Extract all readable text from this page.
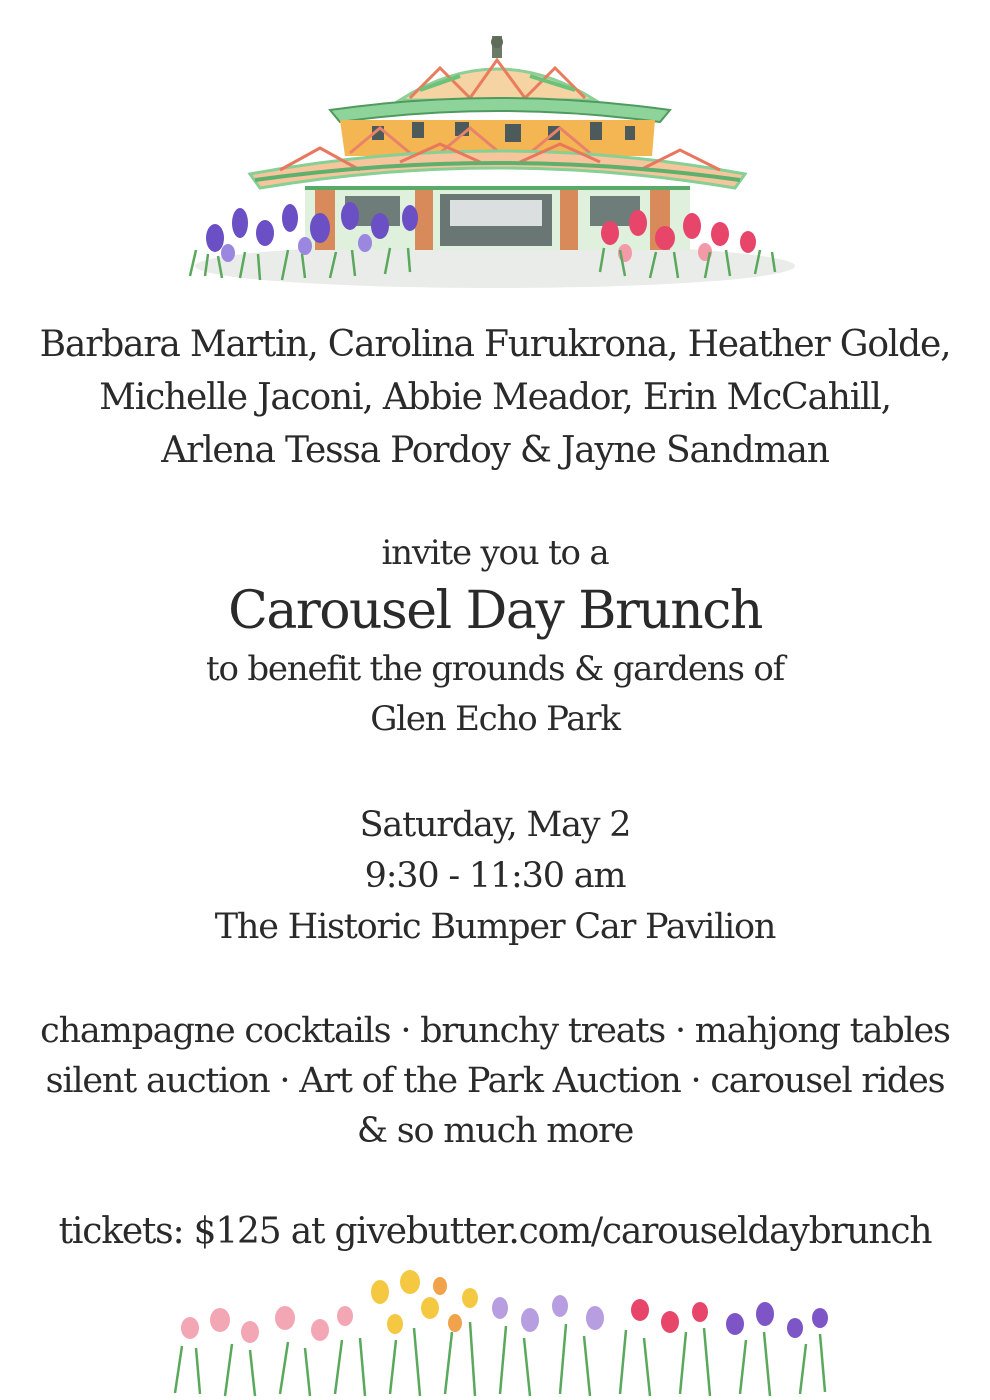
Barbara Martin, Carolina Furukrona, Heather Golde,
Michelle Jaconi, Abbie Meador, Erin McCahill,
Arlena Tessa Pordoy & Jayne Sandman
invite you to a
Carousel Day Brunch
to benefit the grounds & gardens of
Glen Echo Park
Saturday, May 2
9:30 - 11:30 am
The Historic Bumper Car Pavilion
champagne cocktails · brunchy treats · mahjong tables
silent auction · Art of the Park Auction · carousel rides
& so much more
tickets: $125 at givebutter.com/carouseldaybrunch
